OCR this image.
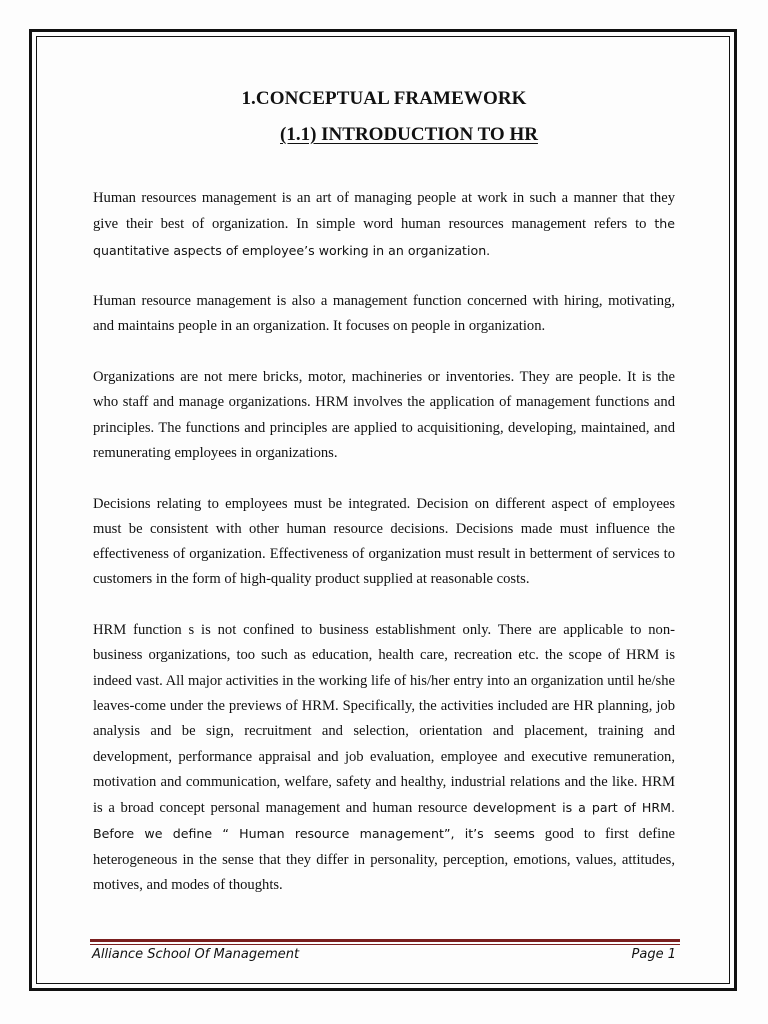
1.CONCEPTUAL FRAMEWORK
(1.1) INTRODUCTION TO HR

Human resources management is an art of managing people at work in such a manner that they give their best of organization. In simple word human resources management refers to the quantitative aspects of employee’s working in an organization.

Human resource management is also a management function concerned with hiring, motivating, and maintains people in an organization. It focuses on people in organization.

Organizations are not mere bricks, motor, machineries or inventories. They are people. It is the who staff and manage organizations. HRM involves the application of management functions and principles. The functions and principles are applied to acquisitioning, developing, maintained, and remunerating employees in organizations.

Decisions relating to employees must be integrated. Decision on different aspect of employees must be consistent with other human resource decisions. Decisions made must influence the effectiveness of organization. Effectiveness of organization must result in betterment of services to customers in the form of high-quality product supplied at reasonable costs.

HRM function s is not confined to business establishment only. There are applicable to non-business organizations, too such as education, health care, recreation etc. the scope of HRM is indeed vast. All major activities in the working life of his/her entry into an organization until he/she leaves-come under the previews of HRM. Specifically, the activities included are HR planning, job analysis and be sign, recruitment and selection, orientation and placement, training and development, performance appraisal and job evaluation, employee and executive remuneration, motivation and communication, welfare, safety and healthy, industrial relations and the like. HRM is a broad concept personal management and human resource development is a part of HRM. Before we define “ Human resource management”, it’s seems good to first define heterogeneous in the sense that they differ in personality, perception, emotions, values, attitudes, motives, and modes of thoughts.

Alliance School Of Management	Page 1
